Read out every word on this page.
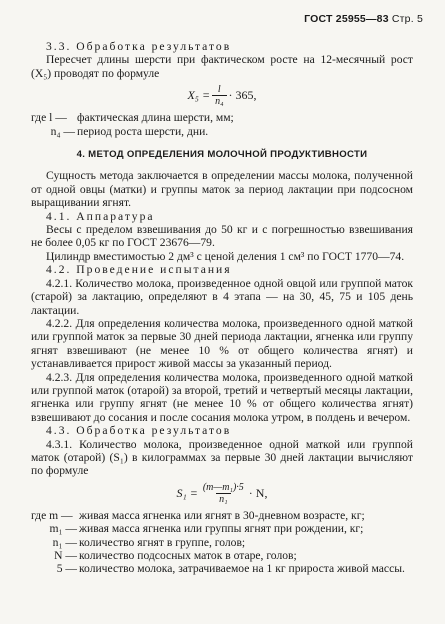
ГОСТ 25955—83 Стр. 5
3.3. Обработка результатов
Пересчет длины шерсти при фактическом росте на 12-месячный рост (X₅) проводят по формуле
$X_5 = \frac{l}{\text{n₄}} \cdot 365$,
где l — фактическая длина шерсти, мм;
n₄ — период роста шерсти, дни.
4. МЕТОД ОПРЕДЕЛЕНИЯ МОЛОЧНОЙ ПРОДУКТИВНОСТИ
Сущность метода заключается в определении массы молока, полученной от одной овцы (матки) и группы маток за период лактации при подсосном выращивании ягнят.
4.1. Аппаратура
Весы с пределом взвешивания до 50 кг и с погрешностью взвешивания не более 0,05 кг по ГОСТ 23676—79.
Цилиндр вместимостью 2 дм³ с ценой деления 1 см³ по ГОСТ 1770—74.
4.2. Проведение испытания
4.2.1. Количество молока, произведенное одной овцой или группой маток (старой) за лактацию, определяют в 4 этапа — на 30, 45, 75 и 105 день лактации.
4.2.2. Для определения количества молока, произведенного одной маткой или группой маток за первые 30 дней периода лактации, ягненка или группу ягнят взвешивают (не менее 10 % от общего количества ягнят) и устанавливается прирост живой массы за указанный период.
4.2.3. Для определения количества молока, произведенного одной маткой или группой маток (отарой) за второй, третий и четвертый месяцы лактации, ягненка или группу ягнят (не менее 10 % от общего количества ягнят) взвешивают до сосания и после сосания молока утром, в полдень и вечером.
4.3. Обработка результатов
4.3.1. Количество молока, произведенное одной маткой или группой маток (отарой) (S₁) в килограммах за первые 30 дней лактации вычисляют по формуле
$S_1 = \frac{\text{(m—m₁)·5}}{\text{n₁}} \cdot N$,
где m — живая масса ягненка или ягнят в 30-дневном возрасте, кг;
m₁ — живая масса ягненка или группы ягнят при рождении, кг;
n₁ — количество ягнят в группе, голов;
N — количество подсосных маток в отаре, голов;
5 — количество молока, затрачиваемое на 1 кг прироста живой массы.
